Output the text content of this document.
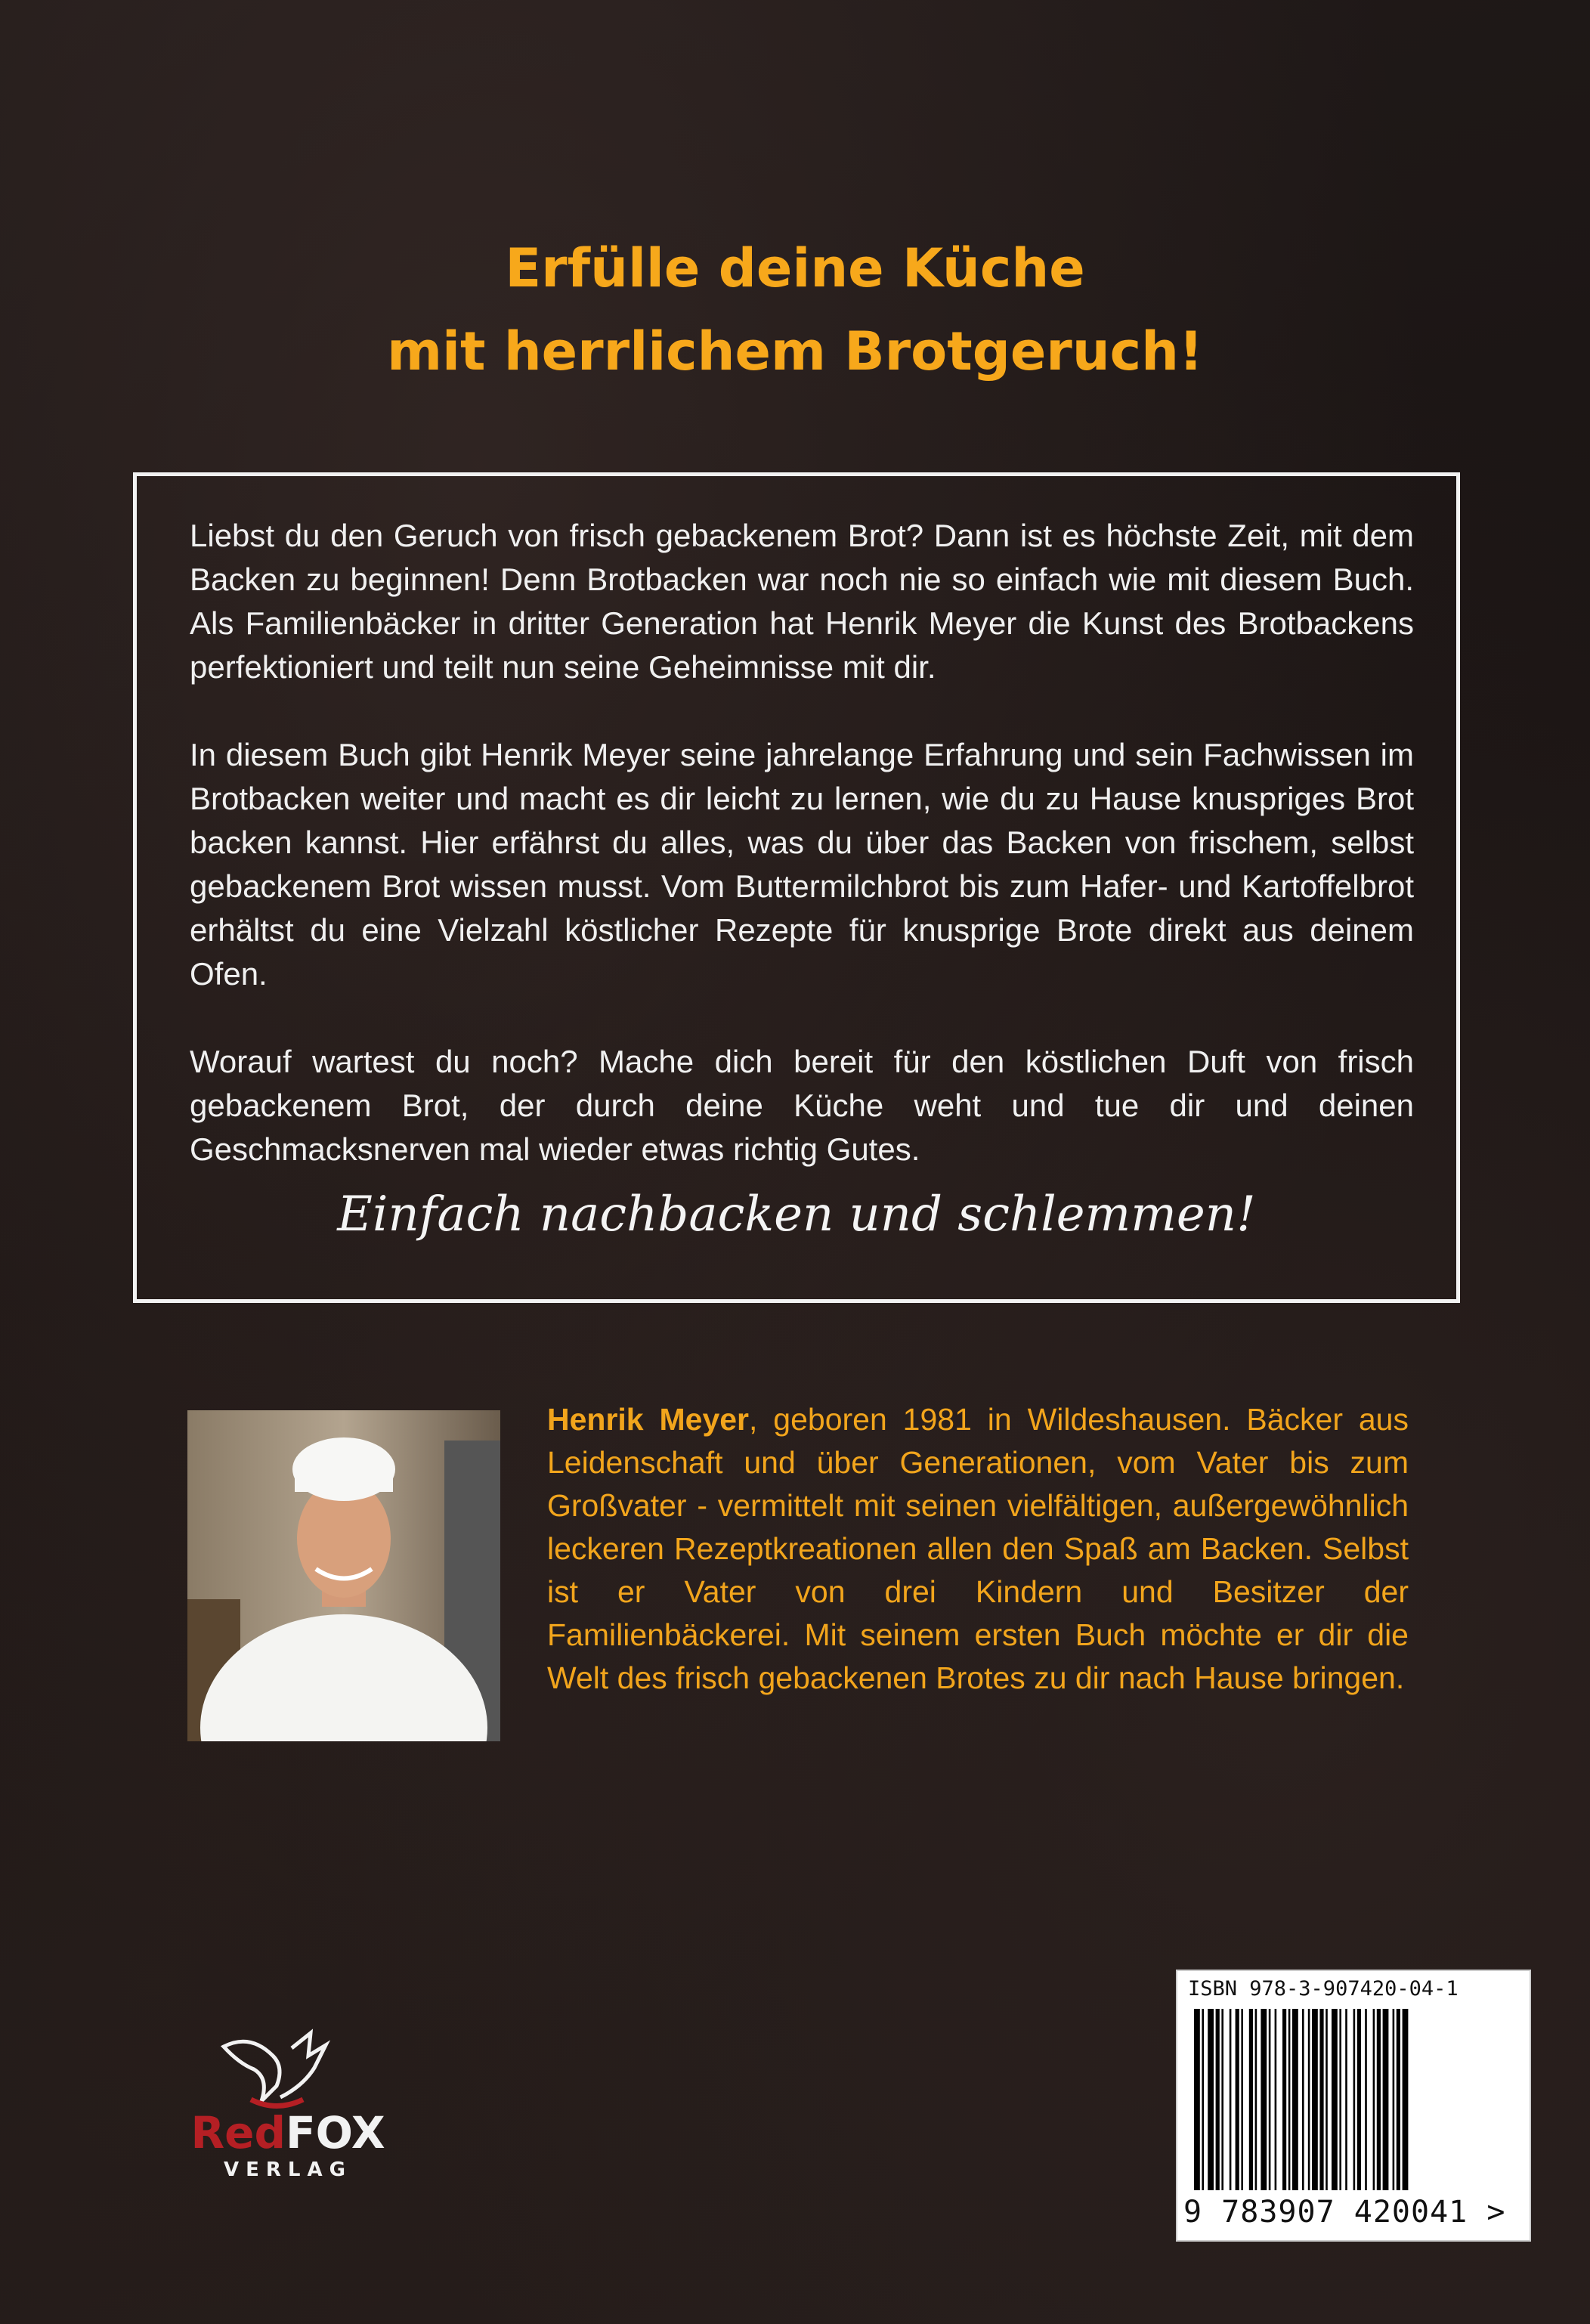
Erfülle deine Küche
mit herrlichem Brotgeruch!

Liebst du den Geruch von frisch gebackenem Brot? Dann ist es höchste Zeit, mit dem Backen zu beginnen! Denn Brotbacken war noch nie so einfach wie mit diesem Buch. Als Familienbäcker in dritter Generation hat Henrik Meyer die Kunst des Brotbackens perfektioniert und teilt nun seine Geheimnisse mit dir.

In diesem Buch gibt Henrik Meyer seine jahrelange Erfahrung und sein Fachwissen im Brotbacken weiter und macht es dir leicht zu lernen, wie du zu Hause knuspriges Brot backen kannst. Hier erfährst du alles, was du über das Backen von frischem, selbst gebackenem Brot wissen musst. Vom Buttermilchbrot bis zum Hafer- und Kartoffelbrot erhältst du eine Vielzahl köstlicher Rezepte für knusprige Brote direkt aus deinem Ofen.

Worauf wartest du noch? Mache dich bereit für den köstlichen Duft von frisch gebackenem Brot, der durch deine Küche weht und tue dir und deinen Geschmacksnerven mal wieder etwas richtig Gutes.

Einfach nachbacken und schlemmen!
Henrik Meyer, geboren 1981 in Wildeshausen. Bäcker aus Leidenschaft und über Generationen, vom Vater bis zum Großvater - vermittelt mit seinen vielfältigen, außergewöhnlich leckeren Rezeptkreationen allen den Spaß am Backen. Selbst ist er Vater von drei Kindern und Besitzer der Familienbäckerei. Mit seinem ersten Buch möchte er dir die Welt des frisch gebackenen Brotes zu dir nach Hause bringen.
RedFOX
VERLAG
ISBN 978-3-907420-04-1
9 783907 420041 >
